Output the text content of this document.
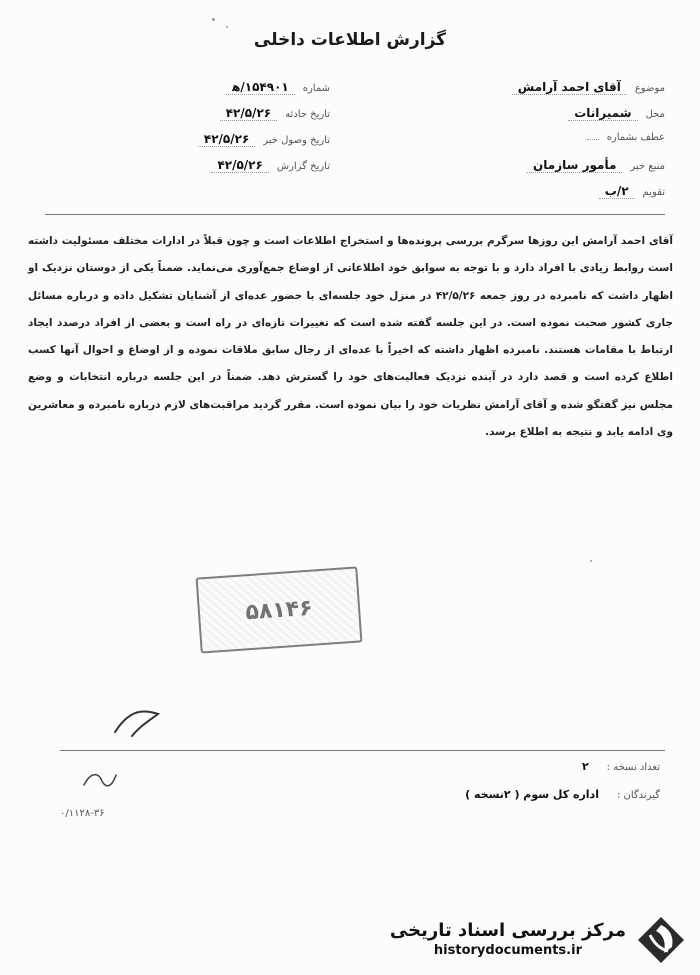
گزارش اطلاعات داخلی
موضوع
آقای احمد آرامش
محل
شمیرانات
عطف بشماره
منبع خبر
مأمور سازمان
تقویم
۲/ب
شماره
۱۵۴۹۰۱/ه‍
تاریخ حادثه
۴۲/۵/۲۶
تاریخ وصول خبر
۴۲/۵/۲۶
تاریخ گزارش
۴۲/۵/۲۶
آقای احمد آرامش این روزها سرگرم بررسی پرونده‌ها و استخراج اطلاعات است و چون قبلاً در ادارات مختلف مسئولیت داشته است روابط زیادی با افراد دارد و با توجه به سوابق خود اطلاعاتی از اوضاع جمع‌آوری می‌نماید. ضمناً یکی از دوستان نزدیک او اظهار داشت که نامبرده در روز جمعه ۴۲/۵/۲۶ در منزل خود جلسه‌ای با حضور عده‌ای از آشنایان تشکیل داده و درباره مسائل جاری کشور صحبت نموده است. در این جلسه گفته شده است که تغییرات تازه‌ای در راه است و بعضی از افراد درصدد ایجاد ارتباط با مقامات هستند. نامبرده اظهار داشته که اخیراً با عده‌ای از رجال سابق ملاقات نموده و از اوضاع و احوال آنها کسب اطلاع کرده است و قصد دارد در آینده نزدیک فعالیت‌های خود را گسترش دهد. ضمناً در این جلسه درباره انتخابات و وضع مجلس نیز گفتگو شده و آقای آرامش نظریات خود را بیان نموده است. مقرر گردید مراقبت‌های لازم درباره نامبرده و معاشرین وی ادامه یابد و نتیجه به اطلاع برسد.
۵۸۱۴۶
تعداد نسخه :
۲
گیرندگان :
اداره کل سوم ( ۲نسخه )
۰/۱۱۲۸-۳۶
مرکز بررسی اسناد تاریخی
historydocuments.ir
